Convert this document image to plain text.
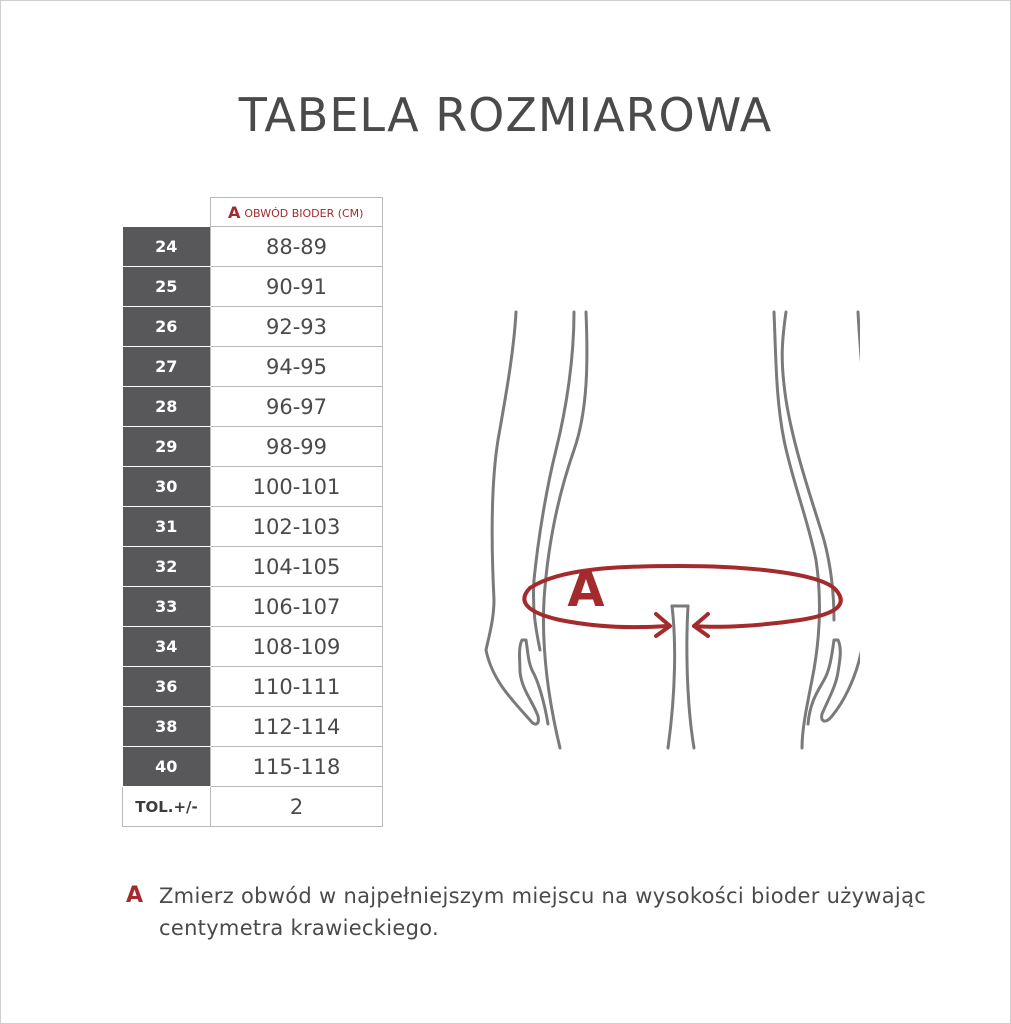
TABELA ROZMIAROWA
	A OBWÓD BIODER (CM)
24	88-89
25	90-91
26	92-93
27	94-95
28	96-97
29	98-99
30	100-101
31	102-103
32	104-105
33	106-107
34	108-109
36	110-111
38	112-114
40	115-118
TOL.+/-	2
A
A Zmierz obwód w najpełniejszym miejscu na wysokości bioder używając centymetra krawieckiego.
